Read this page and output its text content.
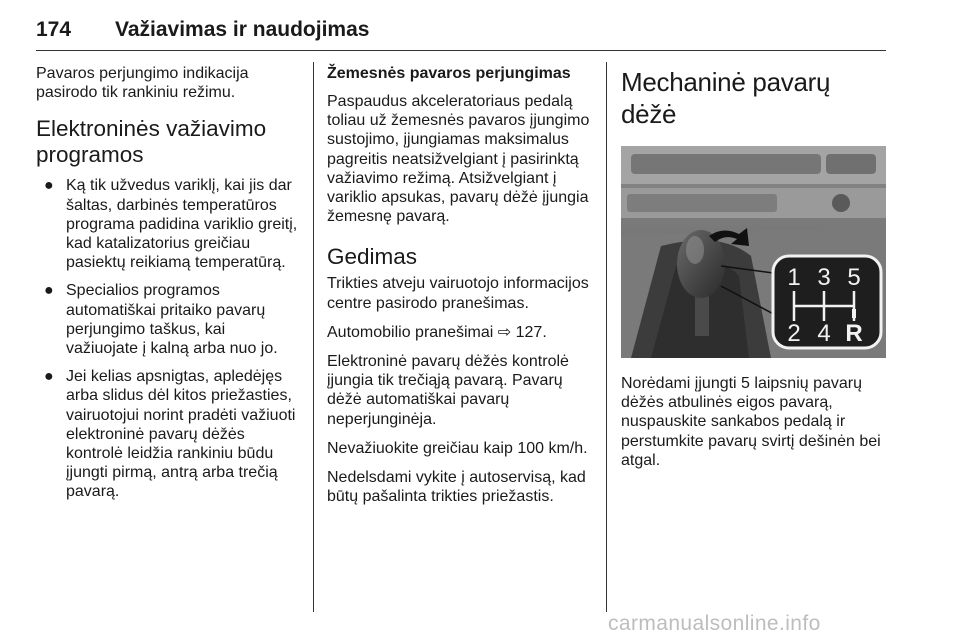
174 Važiavimas ir naudojimas

Pavaros perjungimo indikacija pasirodo tik rankiniu režimu.

Elektroninės važiavimo programos
● Ką tik užvedus variklį, kai jis dar šaltas, darbinės temperatūros programa padidina variklio greitį, kad katalizatorius greičiau pasiektų reikiamą temperatūrą.
● Specialios programos automatiškai pritaiko pavarų perjungimo taškus, kai važiuojate į kalną arba nuo jo.
● Jei kelias apsnigtas, apledėjęs arba slidus dėl kitos priežasties, vairuotojui norint pradėti važiuoti elektroninė pavarų dėžės kontrolė leidžia rankiniu būdu įjungti pirmą, antrą arba trečią pavarą.
Žemesnės pavaros perjungimas

Paspaudus akceleratoriaus pedalą toliau už žemesnės pavaros įjungimo sustojimo, įjungiamas maksimalus pagreitis neatsižvelgiant į pasirinktą važiavimo režimą. Atsižvelgiant į variklio apsukas, pavarų dėžė įjungia žemesnę pavarą.

Gedimas

Trikties atveju vairuotojo informacijos centre pasirodo pranešimas.

Automobilio pranešimai ⇨ 127.

Elektroninė pavarų dėžės kontrolė įjungia tik trečiąją pavarą. Pavarų dėžė automatiškai pavarų neperjunginėja.

Nevažiuokite greičiau kaip 100 km/h.

Nedelsdami vykite į autoservisą, kad būtų pašalinta trikties priežastis.

Mechaninė pavarų dėžė
1 3 5
2 4 R

Norėdami įjungti 5 laipsnių pavarų dėžės atbulinės eigos pavarą, nuspauskite sankabos pedalą ir perstumkite pavarų svirtį dešinėn bei atgal.

carmanualsonline.info
